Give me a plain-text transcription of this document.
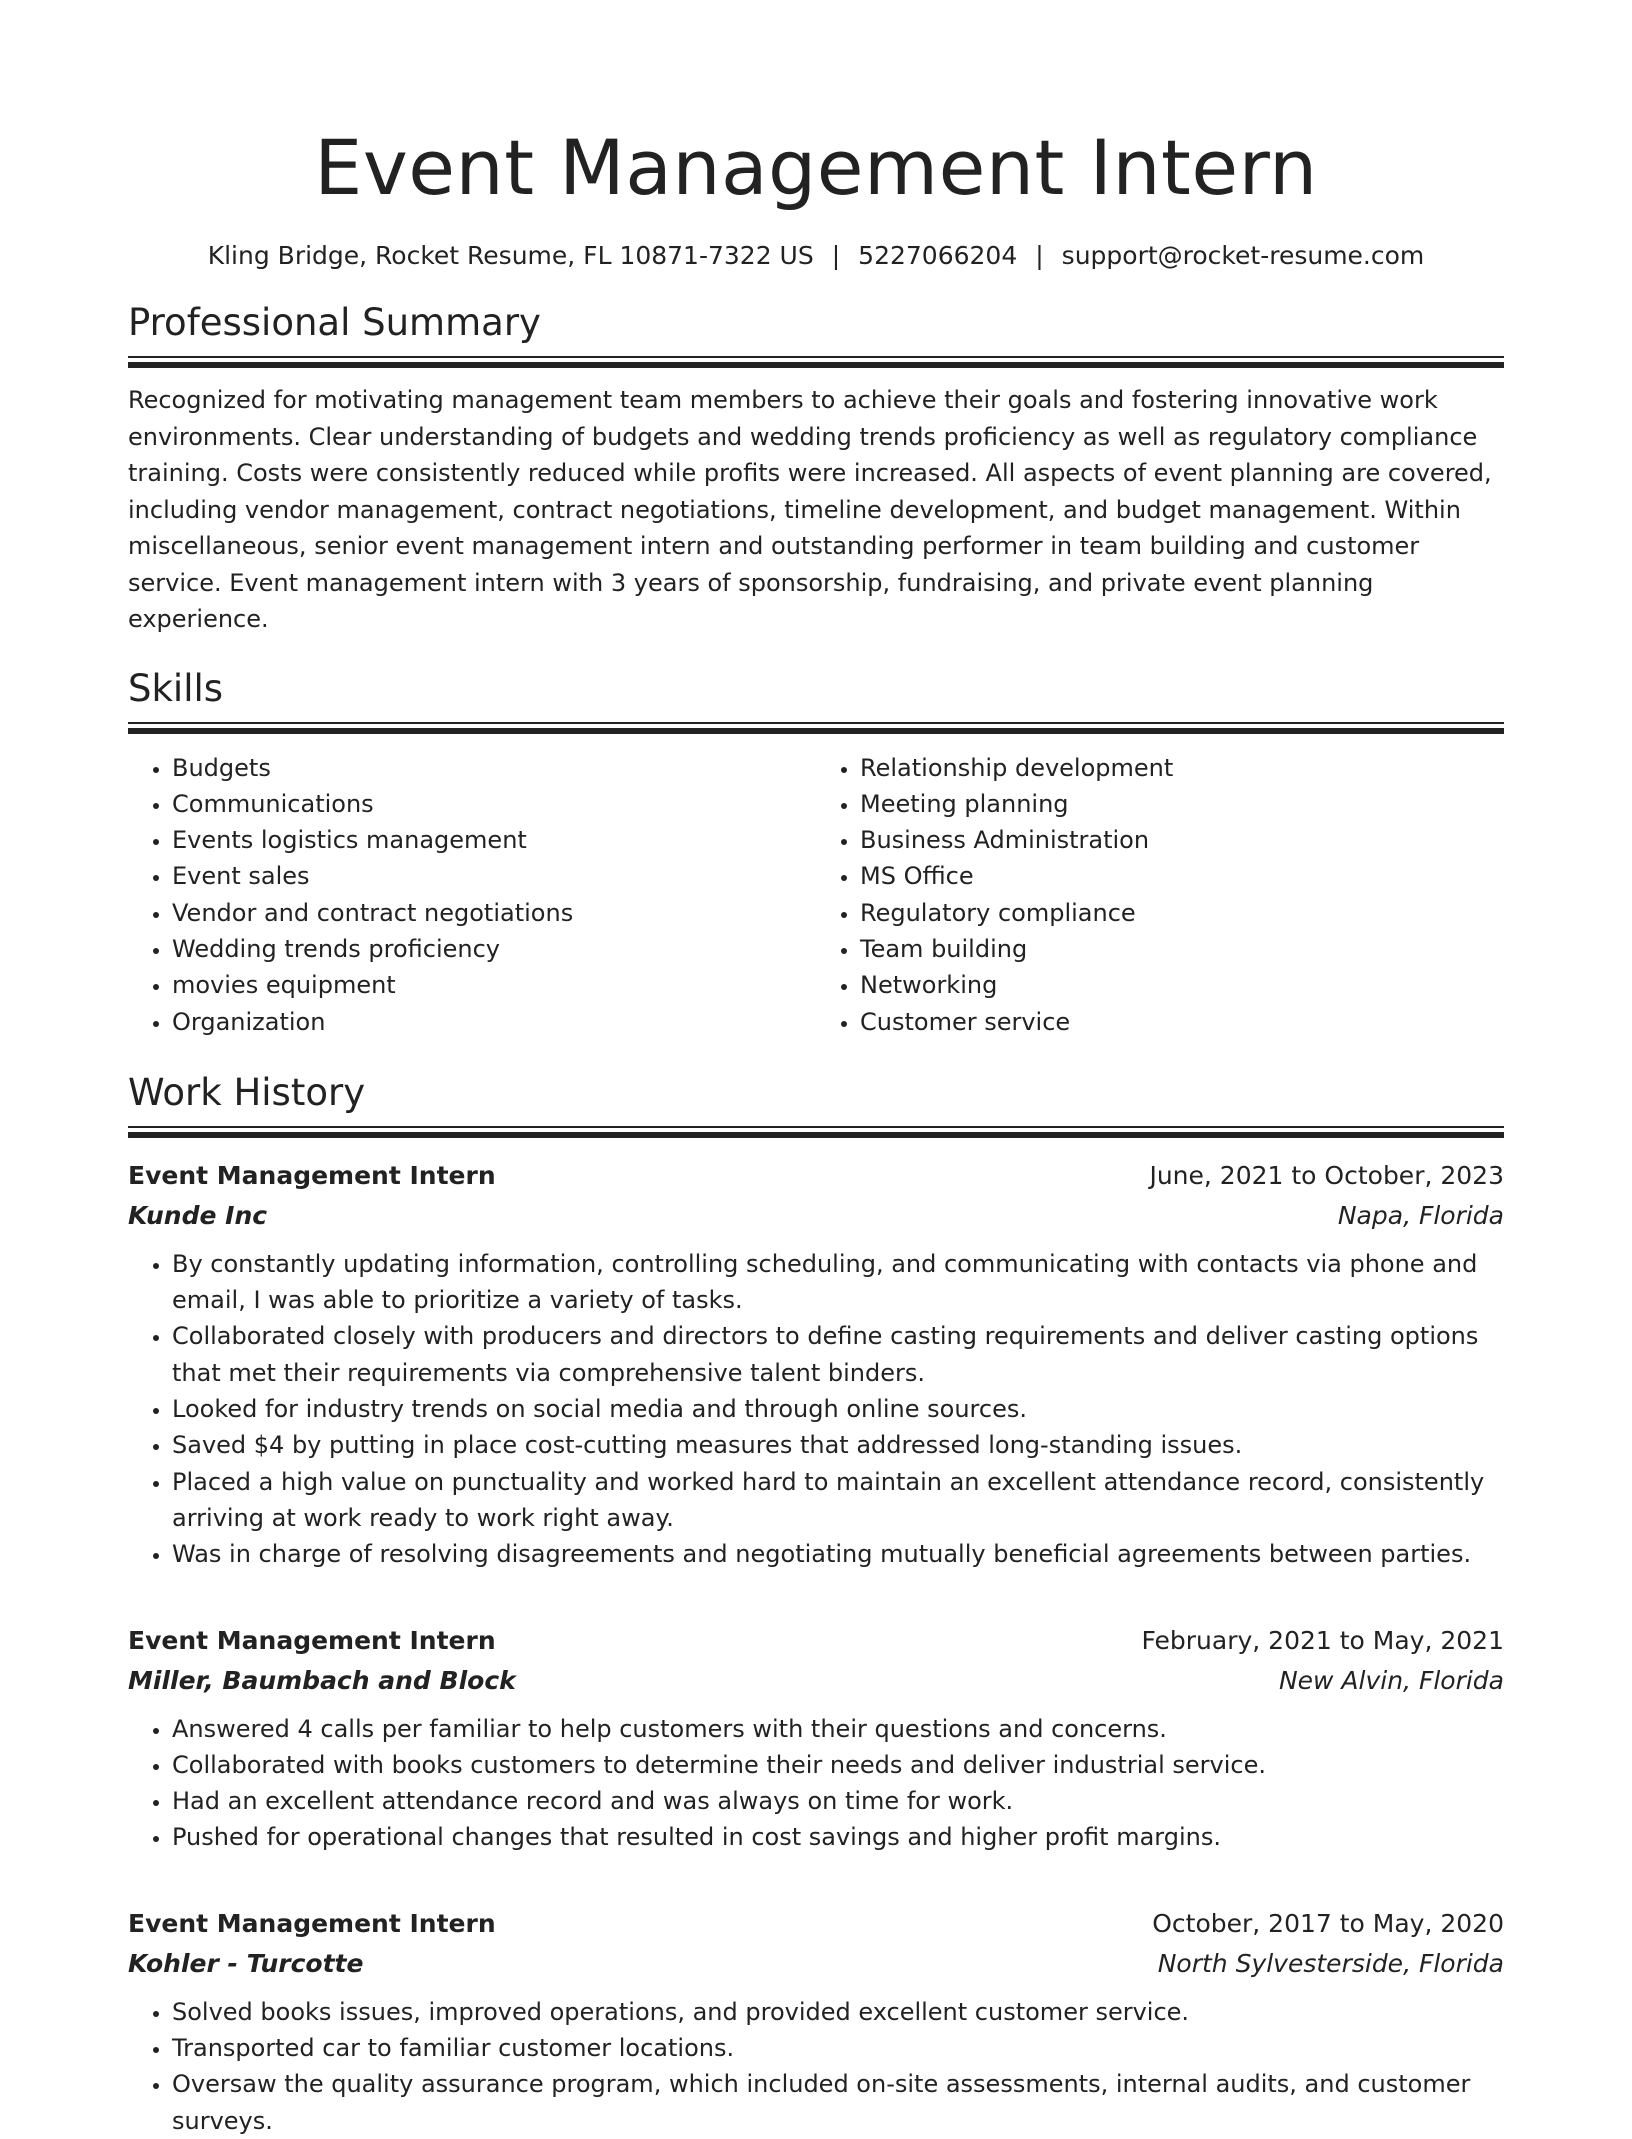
Event Management Intern
Kling Bridge, Rocket Resume, FL 10871-7322 US | 5227066204 | support@rocket-resume.com
Professional Summary

Recognized for motivating management team members to achieve their goals and fostering innovative work environments. Clear understanding of budgets and wedding trends proficiency as well as regulatory compliance training. Costs were consistently reduced while profits were increased. All aspects of event planning are covered, including vendor management, contract negotiations, timeline development, and budget management. Within miscellaneous, senior event management intern and outstanding performer in team building and customer service. Event management intern with 3 years of sponsorship, fundraising, and private event planning experience.

Skills
• Budgets
• Communications
• Events logistics management
• Event sales
• Vendor and contract negotiations
• Wedding trends proficiency
• movies equipment
• Organization
• Relationship development
• Meeting planning
• Business Administration
• MS Office
• Regulatory compliance
• Team building
• Networking
• Customer service
Work History
Event Management Intern	June, 2021 to October, 2023
Kunde Inc	Napa, Florida
• By constantly updating information, controlling scheduling, and communicating with contacts via phone and email, I was able to prioritize a variety of tasks.
• Collaborated closely with producers and directors to define casting requirements and deliver casting options that met their requirements via comprehensive talent binders.
• Looked for industry trends on social media and through online sources.
• Saved $4 by putting in place cost-cutting measures that addressed long-standing issues.
• Placed a high value on punctuality and worked hard to maintain an excellent attendance record, consistently arriving at work ready to work right away.
• Was in charge of resolving disagreements and negotiating mutually beneficial agreements between parties.
Event Management Intern	February, 2021 to May, 2021
Miller, Baumbach and Block	New Alvin, Florida
• Answered 4 calls per familiar to help customers with their questions and concerns.
• Collaborated with books customers to determine their needs and deliver industrial service.
• Had an excellent attendance record and was always on time for work.
• Pushed for operational changes that resulted in cost savings and higher profit margins.
Event Management Intern	October, 2017 to May, 2020
Kohler - Turcotte	North Sylvesterside, Florida
• Solved books issues, improved operations, and provided excellent customer service.
• Transported car to familiar customer locations.
• Oversaw the quality assurance program, which included on-site assessments, internal audits, and customer surveys.
